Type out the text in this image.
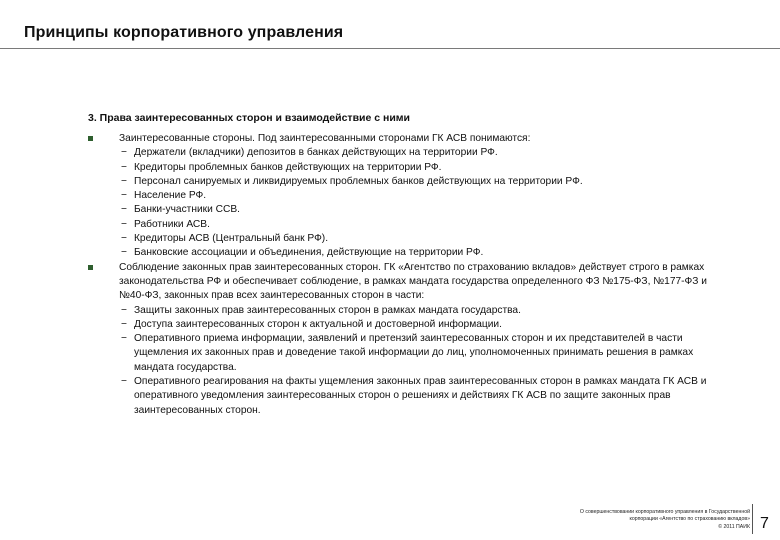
Принципы корпоративного управления
3. Права заинтересованных сторон и взаимодействие с ними
Заинтересованные стороны. Под заинтересованными сторонами ГК АСВ понимаются:
− Держатели (вкладчики) депозитов в банках действующих на территории РФ.
− Кредиторы проблемных банков действующих на территории РФ.
− Персонал санируемых и ликвидируемых проблемных банков действующих на территории РФ.
− Население РФ.
− Банки-участники ССВ.
− Работники АСВ.
− Кредиторы АСВ (Центральный банк РФ).
− Банковские ассоциации и объединения, действующие на территории РФ.
Соблюдение законных прав заинтересованных сторон. ГК «Агентство по страхованию вкладов» действует строго в рамках законодательства РФ и обеспечивает соблюдение, в рамках мандата государства определенного ФЗ №175-ФЗ, №177-ФЗ и №40-ФЗ, законных прав всех заинтересованных сторон в части:
− Защиты законных прав заинтересованных сторон в рамках мандата государства.
− Доступа заинтересованных сторон к актуальной и достоверной информации.
− Оперативного приема информации, заявлений и претензий заинтересованных сторон и их представителей в части ущемления их законных прав и доведение такой информации до лиц, уполномоченных принимать решения в рамках мандата государства.
− Оперативного реагирования на факты ущемления законных прав заинтересованных сторон в рамках мандата ГК АСВ и оперативного уведомления заинтересованных сторон о решениях и действиях ГК АСВ по защите законных прав заинтересованных сторон.
О совершенствовании корпоративного управления в Государственной
корпорации «Агентство по страхованию вкладов»
© 2011 ПАИК 7
